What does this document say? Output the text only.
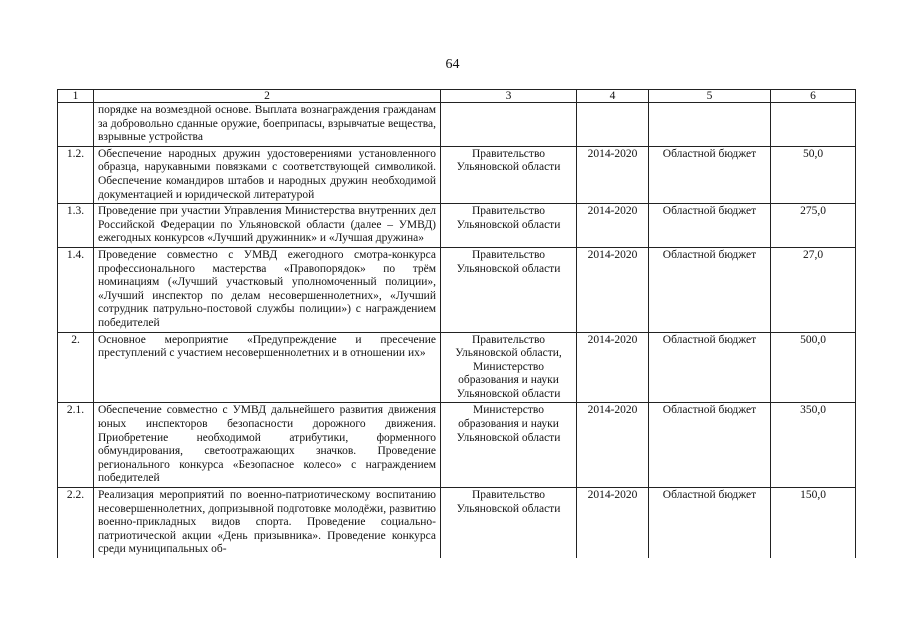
64
1	2	3	4	5	6
	порядке на возмездной основе. Выплата вознаграждения гражданам за добровольно сданные оружие, боеприпасы, взрывчатые вещества, взрывные устройства				
1.2.	Обеспечение народных дружин удостоверениями установленного образца, нарукавными повязками с соответствующей символикой. Обеспечение командиров штабов и народных дружин необходимой документацией и юридической литературой	Правительство Ульяновской области	2014-2020	Областной бюджет	50,0
1.3.	Проведение при участии Управления Министерства внутренних дел Российской Федерации по Ульяновской области (далее – УМВД) ежегодных конкурсов «Лучший дружинник» и «Лучшая дружина»	Правительство Ульяновской области	2014-2020	Областной бюджет	275,0
1.4.	Проведение совместно с УМВД ежегодного смотра-конкурса профессионального мастерства «Правопорядок» по трём номинациям («Лучший участковый уполномоченный полиции», «Лучший инспектор по делам несовершеннолетних», «Лучший сотрудник патрульно-постовой службы полиции») с награждением победителей	Правительство Ульяновской области	2014-2020	Областной бюджет	27,0
2.	Основное мероприятие «Предупреждение и пресечение преступлений с участием несовершеннолетних и в отношении их»	Правительство Ульяновской области, Министерство образования и науки Ульяновской области	2014-2020	Областной бюджет	500,0
2.1.	Обеспечение совместно с УМВД дальнейшего развития движения юных инспекторов безопасности дорожного движения. Приобретение необходимой атрибутики, форменного обмундирования, светоотражающих значков. Проведение регионального конкурса «Безопасное колесо» с награждением победителей	Министерство образования и науки Ульяновской области	2014-2020	Областной бюджет	350,0
2.2.	Реализация мероприятий по военно-патриотическому воспитанию несовершеннолетних, допризывной подготовке молодёжи, развитию военно-прикладных видов спорта. Проведение социально-патриотической акции «День призывника». Проведение конкурса среди муниципальных об-	Правительство Ульяновской области	2014-2020	Областной бюджет	150,0
